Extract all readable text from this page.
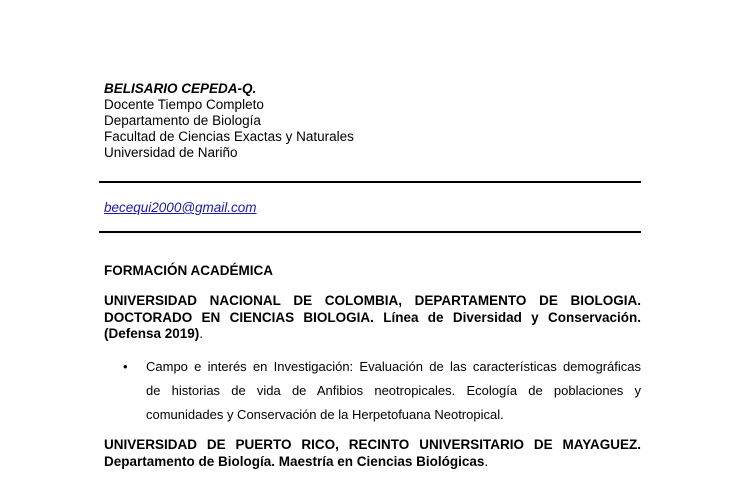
BELISARIO CEPEDA-Q.
Docente Tiempo Completo
Departamento de Biología
Facultad de Ciencias Exactas y Naturales
Universidad de Nariño
becequi2000@gmail.com
FORMACIÓN ACADÉMICA
UNIVERSIDAD NACIONAL DE COLOMBIA, DEPARTAMENTO DE BIOLOGIA.
DOCTORADO EN CIENCIAS BIOLOGIA. Línea de Diversidad y Conservación.
(Defensa 2019).
• Campo e interés en Investigación: Evaluación de las características demográficas
de historias de vida de Anfibios neotropicales. Ecología de poblaciones y
comunidades y Conservación de la Herpetofuana Neotropical.
UNIVERSIDAD DE PUERTO RICO, RECINTO UNIVERSITARIO DE MAYAGUEZ.
Departamento de Biología. Maestría en Ciencias Biológicas.
